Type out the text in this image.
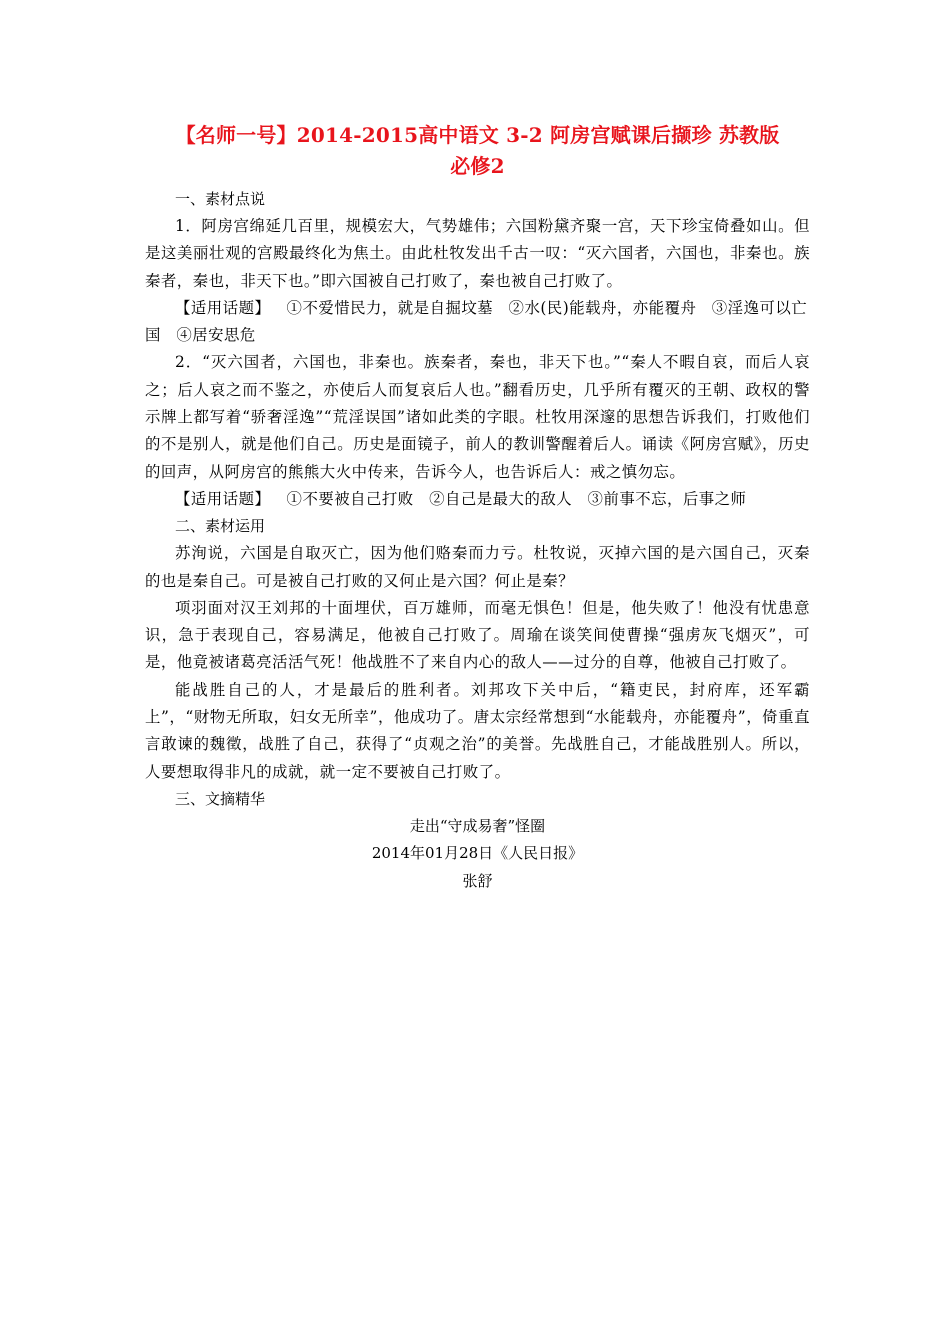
【名师一号】2014-2015高中语文 3-2 阿房宫赋课后撷珍 苏教版
必修2

一、素材点说

1．阿房宫绵延几百里，规模宏大，气势雄伟；六国粉黛齐聚一宫，天下珍宝倚叠如山。但是这美丽壮观的宫殿最终化为焦土。由此杜牧发出千古一叹：“灭六国者，六国也，非秦也。族秦者，秦也，非天下也。”即六国被自己打败了，秦也被自己打败了。

【适用话题】 ①不爱惜民力，就是自掘坟墓 ②水(民)能载舟，亦能覆舟 ③淫逸可以亡国 ④居安思危

2．“灭六国者，六国也，非秦也。族秦者，秦也，非天下也。”“秦人不暇自哀，而后人哀之；后人哀之而不鉴之，亦使后人而复哀后人也。”翻看历史，几乎所有覆灭的王朝、政权的警示牌上都写着“骄奢淫逸”“荒淫误国”诸如此类的字眼。杜牧用深邃的思想告诉我们，打败他们的不是别人，就是他们自己。历史是面镜子，前人的教训警醒着后人。诵读《阿房宫赋》，历史的回声，从阿房宫的熊熊大火中传来，告诉今人，也告诉后人：戒之慎勿忘。

【适用话题】 ①不要被自己打败 ②自己是最大的敌人 ③前事不忘，后事之师

二、素材运用

苏洵说，六国是自取灭亡，因为他们赂秦而力亏。杜牧说，灭掉六国的是六国自己，灭秦的也是秦自己。可是被自己打败的又何止是六国？何止是秦？

项羽面对汉王刘邦的十面埋伏，百万雄师，而毫无惧色！但是，他失败了！他没有忧患意识，急于表现自己，容易满足，他被自己打败了。周瑜在谈笑间使曹操“强虏灰飞烟灭”，可是，他竟被诸葛亮活活气死！他战胜不了来自内心的敌人——过分的自尊，他被自己打败了。

能战胜自己的人，才是最后的胜利者。刘邦攻下关中后，“籍吏民，封府库，还军霸上”，“财物无所取，妇女无所幸”，他成功了。唐太宗经常想到“水能载舟，亦能覆舟”，倚重直言敢谏的魏徵，战胜了自己，获得了“贞观之治”的美誉。先战胜自己，才能战胜别人。所以，人要想取得非凡的成就，就一定不要被自己打败了。

三、文摘精华

走出“守成易奢”怪圈

2014年01月28日《人民日报》

张舒
